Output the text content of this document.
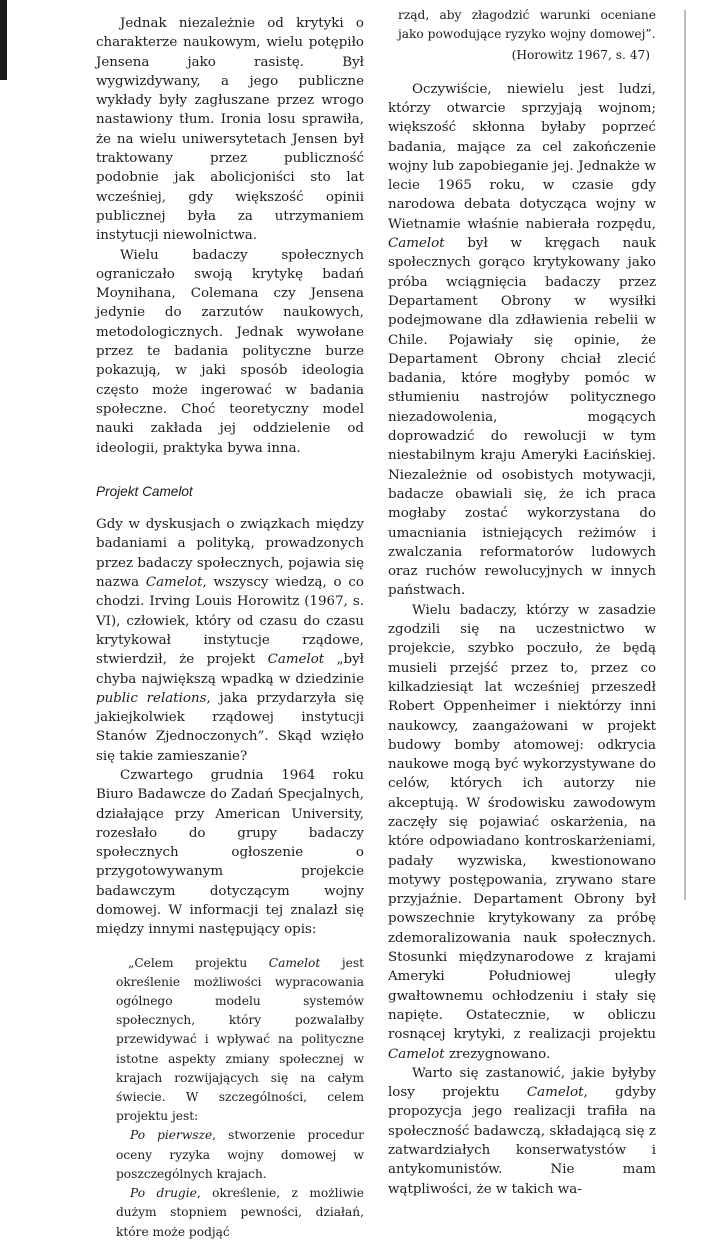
Jednak niezależnie od krytyki o charakterze naukowym, wielu potępiło Jensena jako rasistę. Był wygwizdywany, a jego publiczne wykłady były zagłuszane przez wrogo nastawiony tłum. Ironia losu sprawiła, że na wielu uniwersytetach Jensen był traktowany przez publiczność podobnie jak abolicjoniści sto lat wcześniej, gdy większość opinii publicznej była za utrzymaniem instytucji niewolnictwa.

Wielu badaczy społecznych ograniczało swoją krytykę badań Moynihana, Colemana czy Jensena jedynie do zarzutów naukowych, metodologicznych. Jednak wywołane przez te badania polityczne burze pokazują, w jaki sposób ideologia często może ingerować w badania społeczne. Choć teoretyczny model nauki zakłada jej oddzielenie od ideologii, praktyka bywa inna.

Projekt Camelot

Gdy w dyskusjach o związkach między badaniami a polityką, prowadzonych przez badaczy społecznych, pojawia się nazwa Camelot, wszyscy wiedzą, o co chodzi. Irving Louis Horowitz (1967, s. VI), człowiek, który od czasu do czasu krytykował instytucje rządowe, stwierdził, że projekt Camelot „był chyba największą wpadką w dziedzinie public relations, jaka przydarzyła się jakiejkolwiek rządowej instytucji Stanów Zjednoczonych”. Skąd wzięło się takie zamieszanie?

Czwartego grudnia 1964 roku Biuro Badawcze do Zadań Specjalnych, działające przy American University, rozesłało do grupy badaczy społecznych ogłoszenie o przygotowywanym projekcie badawczym dotyczącym wojny domowej. W informacji tej znalazł się między innymi następujący opis:

„Celem projektu Camelot jest określenie możliwości wypracowania ogólnego modelu systemów społecznych, który pozwalałby przewidywać i wpływać na polityczne istotne aspekty zmiany społecznej w krajach rozwijających się na całym świecie. W szczególności, celem projektu jest:

Po pierwsze, stworzenie procedur oceny ryzyka wojny domowej w poszczególnych krajach.

Po drugie, określenie, z możliwie dużym stopniem pewności, działań, które może podjąć

rząd, aby złagodzić warunki oceniane jako powodujące ryzyko wojny domowej”.

(Horowitz 1967, s. 47)

Oczywiście, niewielu jest ludzi, którzy otwarcie sprzyjają wojnom; większość skłonna byłaby poprzeć badania, mające za cel zakończenie wojny lub zapobieganie jej. Jednakże w lecie 1965 roku, w czasie gdy narodowa debata dotycząca wojny w Wietnamie właśnie nabierała rozpędu, Camelot był w kręgach nauk społecznych gorąco krytykowany jako próba wciągnięcia badaczy przez Departament Obrony w wysiłki podejmowane dla zdławienia rebelii w Chile. Pojawiały się opinie, że Departament Obrony chciał zlecić badania, które mogłyby pomóc w stłumieniu nastrojów politycznego niezadowolenia, mogących doprowadzić do rewolucji w tym niestabilnym kraju Ameryki Łacińskiej. Niezależnie od osobistych motywacji, badacze obawiali się, że ich praca mogłaby zostać wykorzystana do umacniania istniejących reżimów i zwalczania reformatorów ludowych oraz ruchów rewolucyjnych w innych państwach.

Wielu badaczy, którzy w zasadzie zgodzili się na uczestnictwo w projekcie, szybko poczuło, że będą musieli przejść przez to, przez co kilkadziesiąt lat wcześniej przeszedł Robert Oppenheimer i niektórzy inni naukowcy, zaangażowani w projekt budowy bomby atomowej: odkrycia naukowe mogą być wykorzystywane do celów, których ich autorzy nie akceptują. W środowisku zawodowym zaczęły się pojawiać oskarżenia, na które odpowiadano kontroskarżeniami, padały wyzwiska, kwestionowano motywy postępowania, zrywano stare przyjaźnie. Departament Obrony był powszechnie krytykowany za próbę zdemoralizowania nauk społecznych. Stosunki międzynarodowe z krajami Ameryki Południowej uległy gwałtownemu ochłodzeniu i stały się napięte. Ostatecznie, w obliczu rosnącej krytyki, z realizacji projektu Camelot zrezygnowano.

Warto się zastanowić, jakie byłyby losy projektu Camelot, gdyby propozycja jego realizacji trafiła na społeczność badawczą, składającą się z zatwardziałych konserwatystów i antykomunistów. Nie mam wątpliwości, że w takich wa-
